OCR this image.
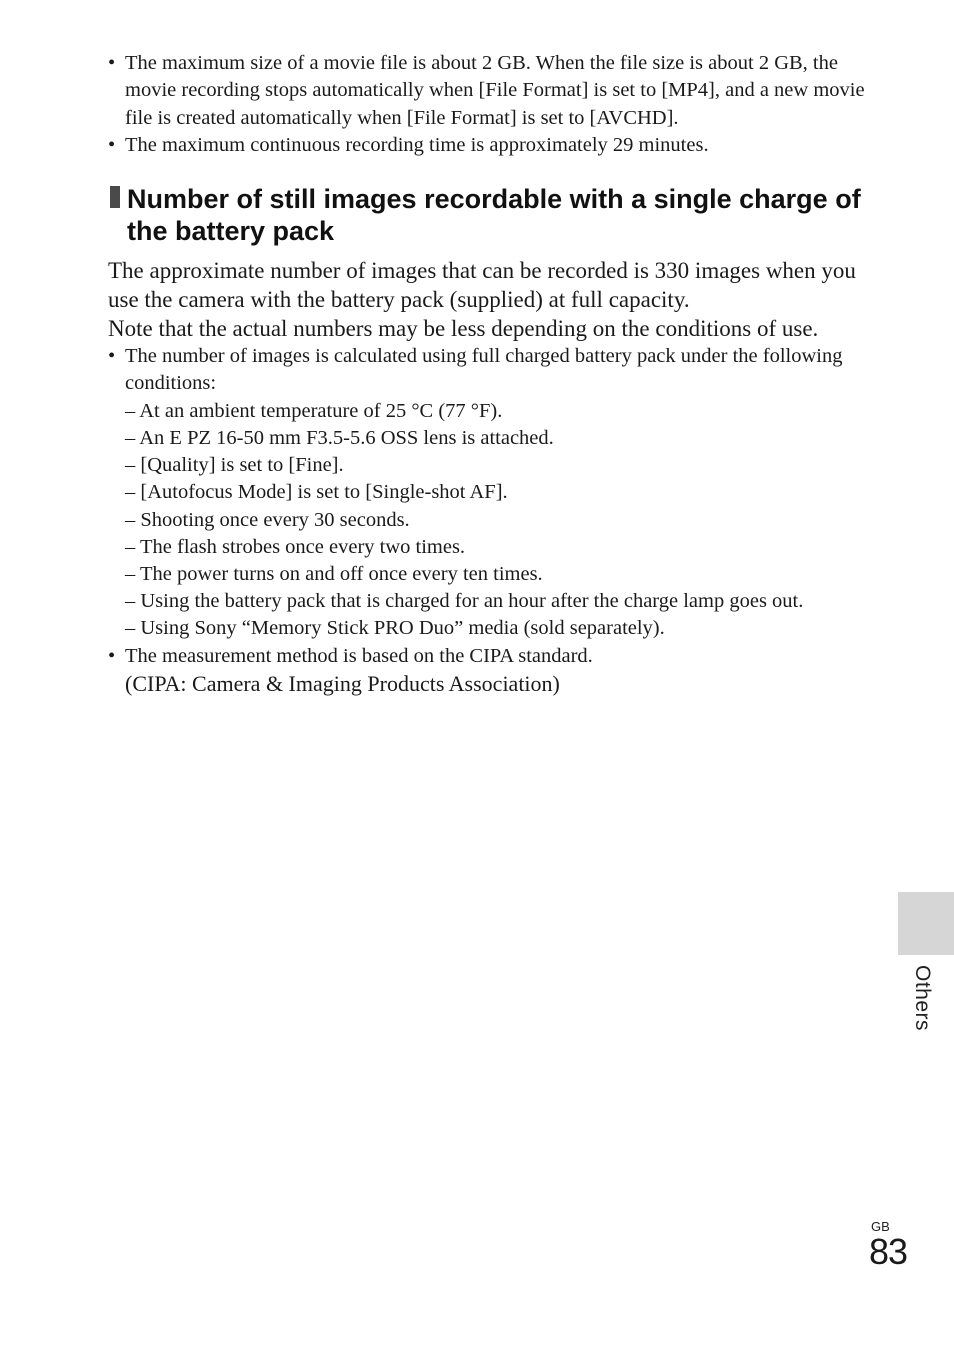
• The maximum size of a movie file is about 2 GB. When the file size is about 2 GB, the movie recording stops automatically when [File Format] is set to [MP4], and a new movie file is created automatically when [File Format] is set to [AVCHD].
• The maximum continuous recording time is approximately 29 minutes.
Number of still images recordable with a single charge of the battery pack
The approximate number of images that can be recorded is 330 images when you use the camera with the battery pack (supplied) at full capacity.
Note that the actual numbers may be less depending on the conditions of use.
• The number of images is calculated using full charged battery pack under the following conditions:
– At an ambient temperature of 25 °C (77 °F).
– An E PZ 16-50 mm F3.5-5.6 OSS lens is attached.
– [Quality] is set to [Fine].
– [Autofocus Mode] is set to [Single-shot AF].
– Shooting once every 30 seconds.
– The flash strobes once every two times.
– The power turns on and off once every ten times.
– Using the battery pack that is charged for an hour after the charge lamp goes out.
– Using Sony “Memory Stick PRO Duo” media (sold separately).
• The measurement method is based on the CIPA standard.
(CIPA: Camera & Imaging Products Association)
Others
GB
83
